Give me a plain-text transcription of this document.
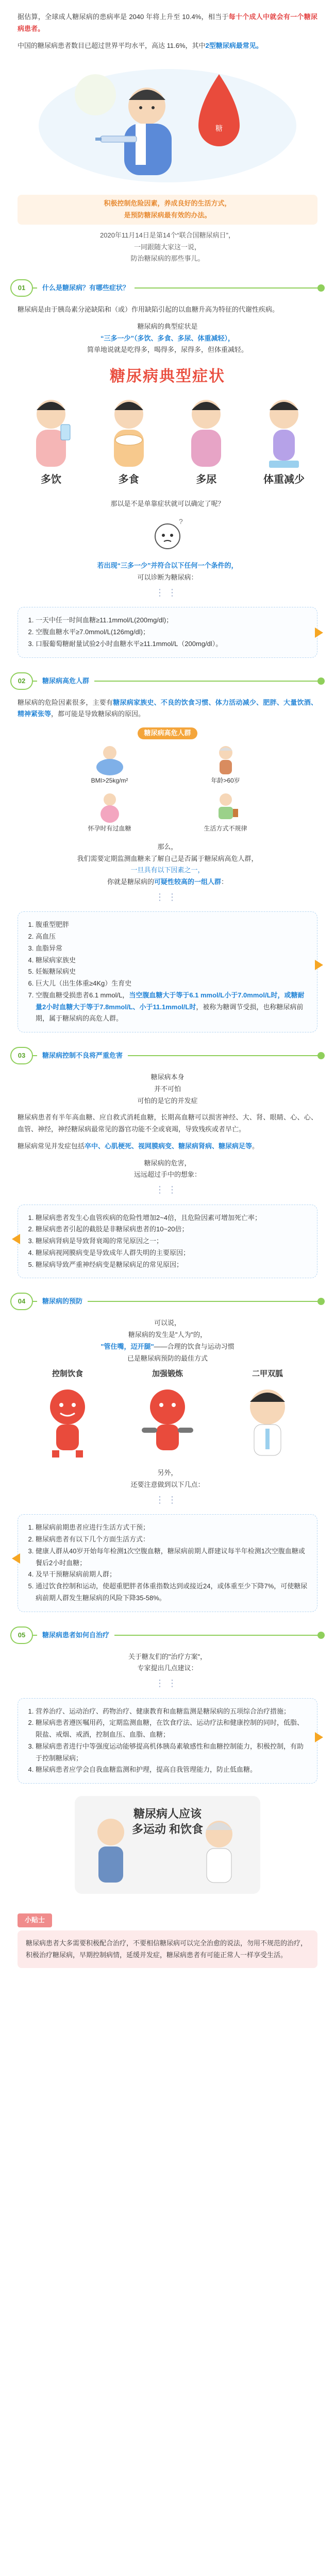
据估算，全球成人糖尿病的患病率是 2040 年将上升至 10.4%，相当于每十个成人中就会有一个糖尿病患者。

中国的糖尿病患者数目已超过世界平均水平，高达 11.6%，其中2型糖尿病最常见。

糖
积极控制危险因素，养成良好的生活方式，
是预防糖尿病最有效的办法。
2020年11月14日是第14个“联合国糖尿病日”，
一同跟随大家这一说，
防治糖尿病的那些事儿。
01	什么是糖尿病？有哪些症状？

糖尿病是由于胰岛素分泌缺陷和（或）作用缺陷引起的以血糖升高为特征的代谢性疾病。

糖尿病的典型症状是

“三多一少”（多饮、多食、多尿、体重减轻），

简单地说就是吃得多，喝得多，尿得多，但体重减轻。

糖尿病典型症状
多饮	多食	多尿	体重减少

那以是不是单靠症状就可以确定了呢？

?

若出现“三多一少”并符合以下任何一个条件的，

可以诊断为糖尿病：

⋮⋮
1. 一天中任一时间血糖≥11.1mmol/L(200mg/dl)；
2. 空腹血糖水平≥7.0mmol/L(126mg/dl)；
3. 口服葡萄糖耐量试验2小时血糖水平≥11.1mmol/L（200mg/dl）。
02	糖尿病高危人群

糖尿病的危险因素很多，主要有糖尿病家族史、不良的饮食习惯、体力活动减少、肥胖、大量饮酒、精神紧张等，都可能是导致糖尿病的原因。

糖尿病高危人群
BMI>25kg/m²	年龄>60岁
怀孕时有过血糖	生活方式不规律

那么，

我们需要定期监测血糖来了解自己是否属于糖尿病高危人群，

一旦具有以下因素之一，

你就是糖尿病的可疑性较高的一组人群：

⋮⋮
1. 腹重型肥胖
2. 高血压
3. 血脂异常
4. 糖尿病家族史
5. 妊娠糖尿病史
6. 巨大儿（出生体重≥4Kg）生育史
7. 空腹血糖受损患者6.1 mmol/L，当空腹血糖大于等于6.1 mmol/L小于7.0mmol/L时，或糖耐量2小时血糖大于等于7.8mmol/L、小于11.1mmol/L时，被称为糖调节受损，也称糖尿病前期，属于糖尿病的高危人群。
03	糖尿病控制不良将严重危害

糖尿病本身

并不可怕

可怕的是它的并发症

糖尿病患者有半年高血糖、应自救式消耗血糖，长期高血糖可以损害神经、大、肾、眼睛、心、心、血管、神经，神经糖尿病最常见的器官功能不全或衰竭，导致残疾或者早亡。

糖尿病常见并发症包括卒中、心肌梗死、视网膜病变、糖尿病肾病、糖尿病足等。

糖尿病的危害，

远远超过手中的想象：

⋮⋮
1. 糖尿病患者发生心血管疾病的危险性增加2~4倍，且危险因素可增加死亡率；
2. 糖尿病患者引起的截肢是非糖尿病患者的10~20倍；
3. 糖尿病肾病是导致肾衰竭的常见原因之一；
4. 糖尿病视网膜病变是导致成年人群失明的主要原因；
5. 糖尿病导致严重神经病变是糖尿病足的常见原因；
04	糖尿病的预防

可以说，

糖尿病的发生是"人为"的，

"管住嘴，迈开腿"——合理的饮食与运动习惯

已是糖尿病预防的最佳方式

控制饮食	加强锻炼	二甲双胍

另外，

还要注意做到以下几点：

⋮⋮
1. 糖尿病前期患者应进行生活方式干预；
2. 糖尿病患者有以下几个方面生活方式：
3. 健康人群从40岁开始每年检测1次空腹血糖，糖尿病前期人群建议每半年检测1次空腹血糖或餐后2小时血糖；
4. 及早干预糖尿病前期人群；
5. 通过饮食控制和运动，使超重肥胖者体重指数达到或接近24，或体重至少下降7%，可使糖尿病前期人群发生糖尿病的风险下降35-58%。
05	糖尿病患者如何自治疗

关于糖友们的"治疗方案"，

专家提出几点建议：

⋮⋮
1. 营养治疗、运动治疗、药物治疗、健康教育和血糖监测是糖尿病的五项综合治疗措施；
2. 糖尿病患者遵医嘱用药，定期监测血糖，在饮食疗法、运动疗法和健康控制的同时，低脂、限盐、戒烟、戒酒，控制血压、血脂、血糖；
3. 糖尿病患者进行中等强度运动能够提高机体胰岛素敏感性和血糖控制能力，积极控制，有助于控制糖尿病；
4. 糖尿病患者应学会自我血糖监测和护理，提高自我管理能力，防止低血糖。
糖尿病人应该多运动 和饮食
小贴士

糖尿病患者大多需要积极配合治疗，不要相信糖尿病可以完全治愈的说法，勿用不规范的治疗，积极治疗糖尿病，早期控制病情，延缓并发症，糖尿病患者有可能正常人一样享受生活。
